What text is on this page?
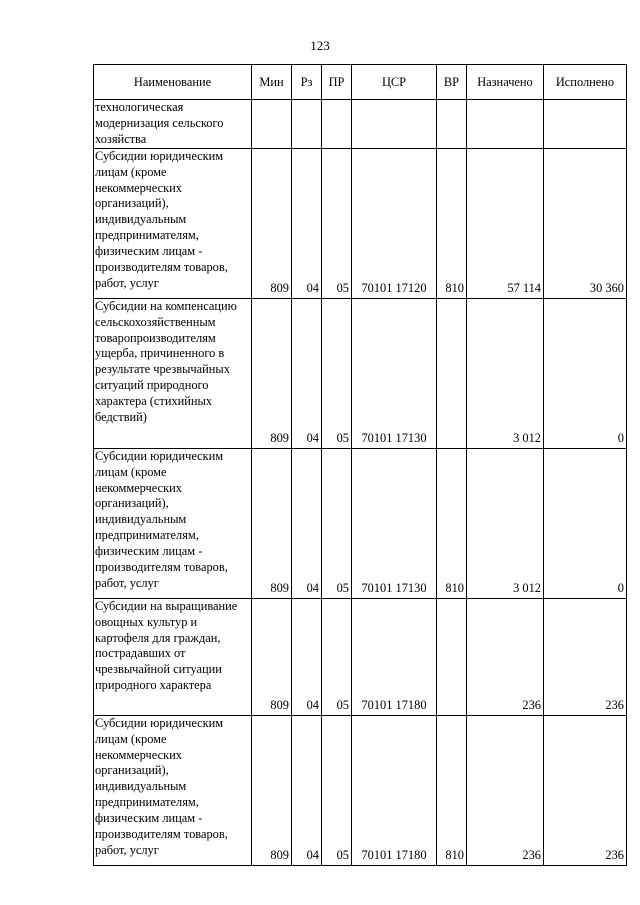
123
Наименование	Мин	Рз	ПР	ЦСР	ВР	Назначено	Исполнено
технологическая модернизация сельского хозяйства							
Субсидии юридическим лицам (кроме некоммерческих организаций), индивидуальным предпринимателям, физическим лицам - производителям товаров, работ, услуг	809	04	05	70101 17120	810	57 114	30 360
Субсидии на компенсацию сельскохозяйственным товаропроизводителям ущерба, причиненного в результате чрезвычайных ситуаций природного характера (стихийных бедствий)	809	04	05	70101 17130		3 012	0
Субсидии юридическим лицам (кроме некоммерческих организаций), индивидуальным предпринимателям, физическим лицам - производителям товаров, работ, услуг	809	04	05	70101 17130	810	3 012	0
Субсидии на выращивание овощных культур и картофеля для граждан, пострадавших от чрезвычайной ситуации природного характера	809	04	05	70101 17180		236	236
Субсидии юридическим лицам (кроме некоммерческих организаций), индивидуальным предпринимателям, физическим лицам - производителям товаров, работ, услуг	809	04	05	70101 17180	810	236	236
